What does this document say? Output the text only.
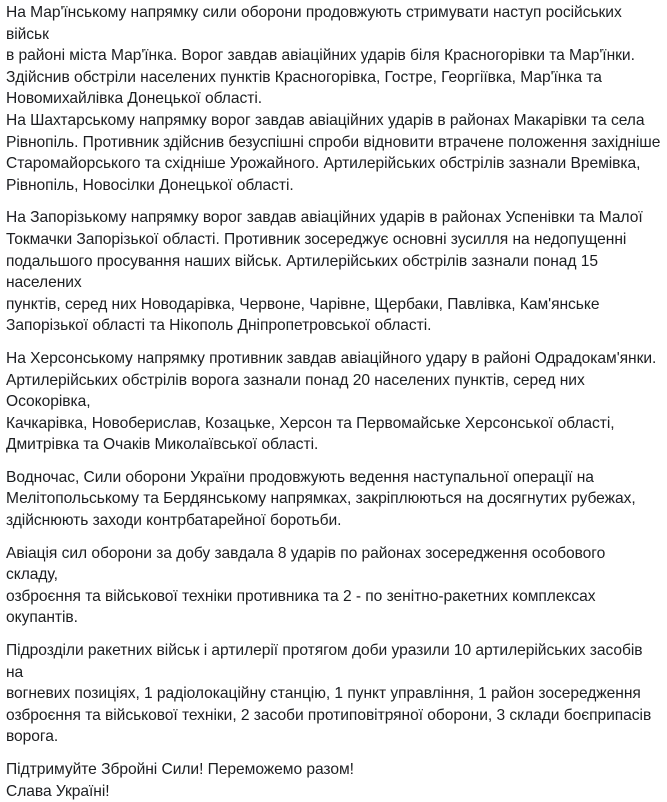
На Мар'їнському напрямку сили оборони продовжують стримувати наступ російських військ
в районі міста Мар'їнка. Ворог завдав авіаційних ударів біля Красногорівки та Мар'їнки.
Здійснив обстріли населених пунктів Красногорівка, Гостре, Георгіївка, Мар'їнка та
Новомихайлівка Донецької області.

На Шахтарському напрямку ворог завдав авіаційних ударів в районах Макарівки та села
Рівнопіль. Противник здійснив безуспішні спроби відновити втрачене положення західніше
Старомайорського та східніше Урожайного. Артилерійських обстрілів зазнали Времівка,
Рівнопіль, Новосілки Донецької області.

На Запорізькому напрямку ворог завдав авіаційних ударів в районах Успенівки та Малої
Токмачки Запорізької області. Противник зосереджує основні зусилля на недопущенні
подальшого просування наших військ. Артилерійських обстрілів зазнали понад 15 населених
пунктів, серед них Новодарівка, Червоне, Чарівне, Щербаки, Павлівка, Кам'янське
Запорізької області та Нікополь Дніпропетровської області.

На Херсонському напрямку противник завдав авіаційного удару в районі Одрадокам'янки.
Артилерійських обстрілів ворога зазнали понад 20 населених пунктів, серед них Осокорівка,
Качкарівка, Новоберислав, Козацьке, Херсон та Первомайське Херсонської області,
Дмитрівка та Очаків Миколаївської області.

Водночас, Сили оборони України продовжують ведення наступальної операції на
Мелітопольському та Бердянському напрямках, закріплюються на досягнутих рубежах,
здійснюють заходи контрбатарейної боротьби.

Авіація сил оборони за добу завдала 8 ударів по районах зосередження особового складу,
озброєння та військової техніки противника та 2 - по зенітно-ракетних комплексах
окупантів.

Підрозділи ракетних військ і артилерії протягом доби уразили 10 артилерійських засобів на
вогневих позиціях, 1 радіолокаційну станцію, 1 пункт управління, 1 район зосередження
озброєння та військової техніки, 2 засоби протиповітряної оборони, 3 склади боєприпасів
ворога.

Підтримуйте Збройні Сили! Переможемо разом!
Слава Україні!
